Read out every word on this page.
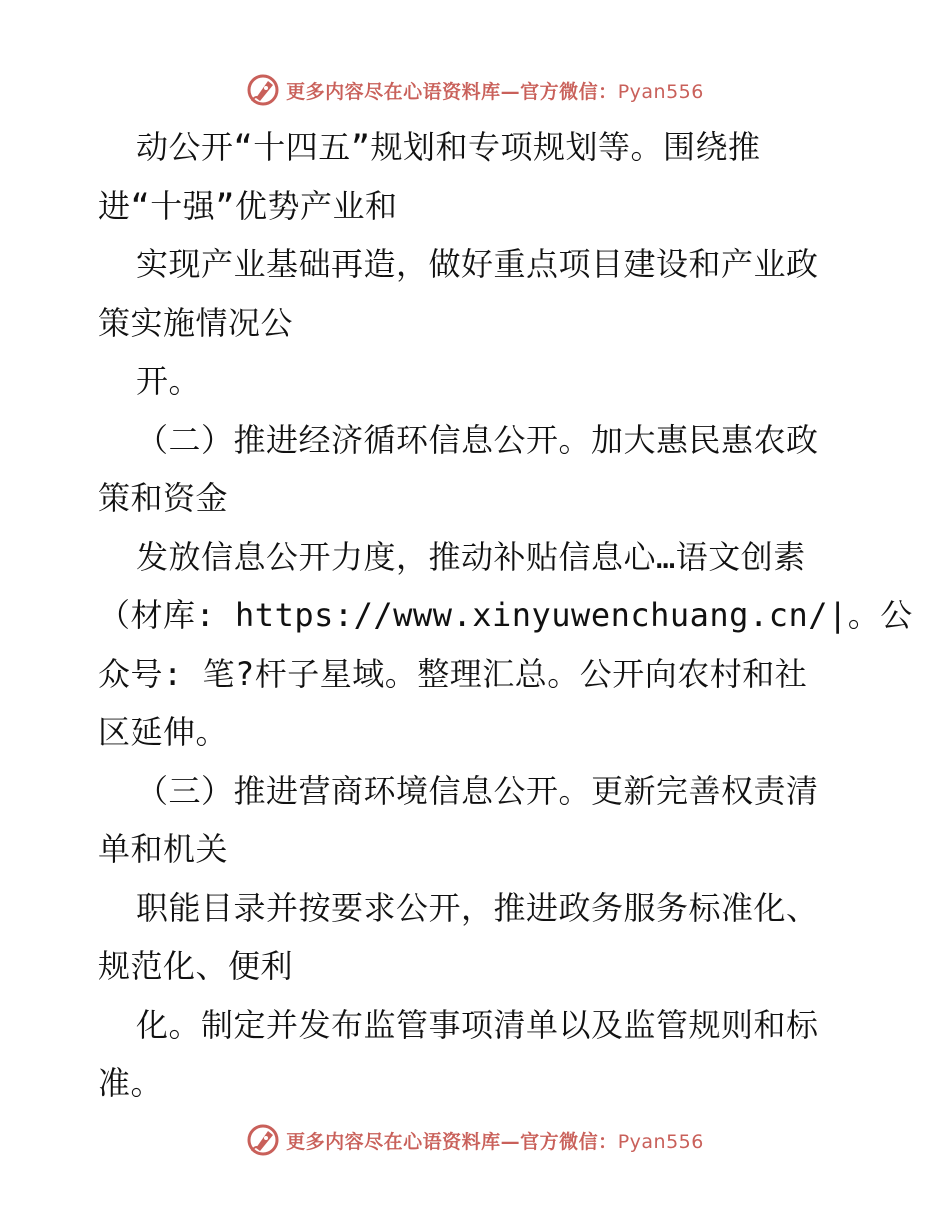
更多内容尽在心语资料库—官方微信：Pyan556
动公开“十四五”规划和专项规划等。围绕推
进“十强”优势产业和
实现产业基础再造，做好重点项目建设和产业政
策实施情况公
开。
（二）推进经济循环信息公开。加大惠民惠农政
策和资金
发放信息公开力度，推动补贴信息心…语文创素
（材库: https://www.xinyuwenchuang.cn/|。公
众号: 笔?杆子星域。整理汇总。公开向农村和社
区延伸。
（三）推进营商环境信息公开。更新完善权责清
单和机关
职能目录并按要求公开，推进政务服务标准化、
规范化、便利
化。制定并发布监管事项清单以及监管规则和标
准。
更多内容尽在心语资料库—官方微信：Pyan556
